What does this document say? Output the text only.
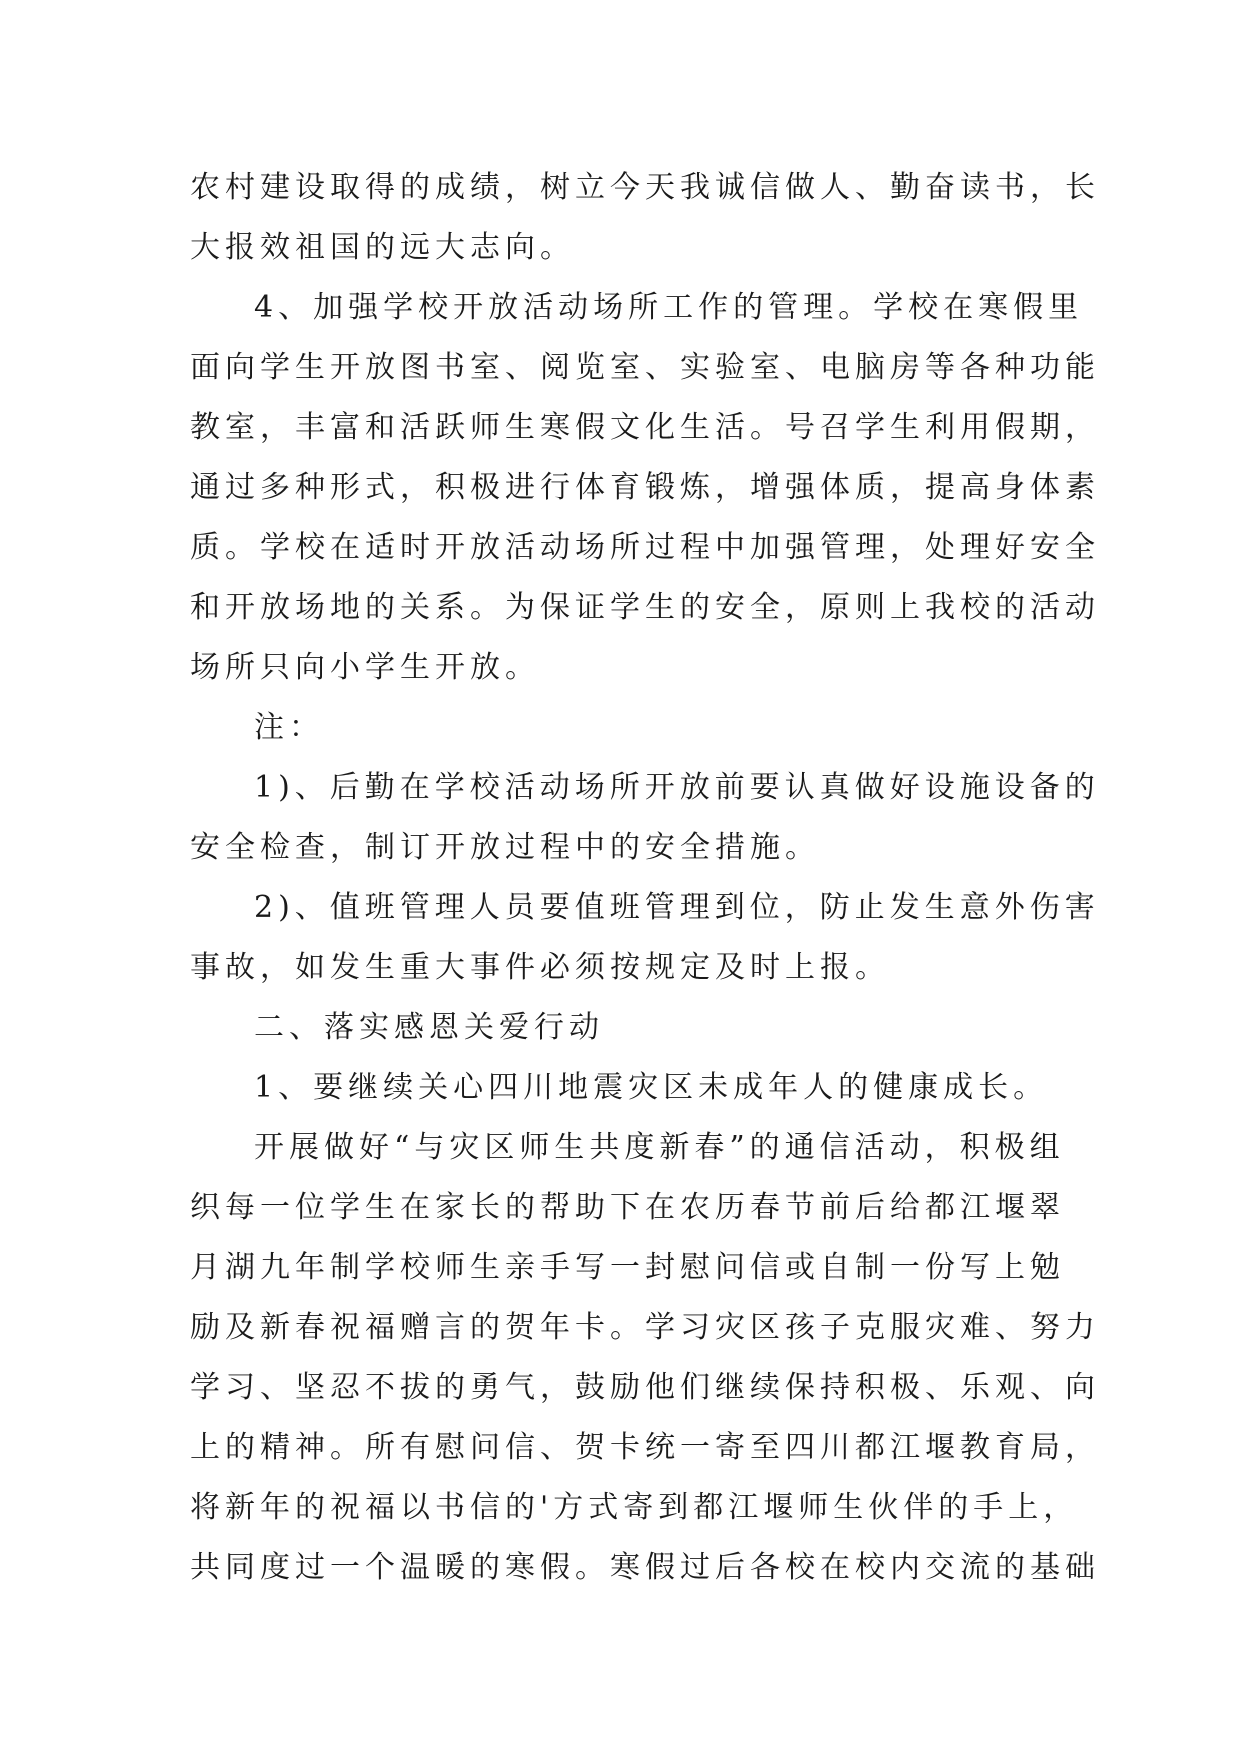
农村建设取得的成绩，树立今天我诚信做人、勤奋读书，长
大报效祖国的远大志向。
4、加强学校开放活动场所工作的管理。学校在寒假里
面向学生开放图书室、阅览室、实验室、电脑房等各种功能
教室，丰富和活跃师生寒假文化生活。号召学生利用假期，
通过多种形式，积极进行体育锻炼，增强体质，提高身体素
质。学校在适时开放活动场所过程中加强管理，处理好安全
和开放场地的关系。为保证学生的安全，原则上我校的活动
场所只向小学生开放。
注：
1)、后勤在学校活动场所开放前要认真做好设施设备的
安全检查，制订开放过程中的安全措施。
2)、值班管理人员要值班管理到位，防止发生意外伤害
事故，如发生重大事件必须按规定及时上报。
二、落实感恩关爱行动
1、要继续关心四川地震灾区未成年人的健康成长。
开展做好“与灾区师生共度新春”的通信活动，积极组
织每一位学生在家长的帮助下在农历春节前后给都江堰翠
月湖九年制学校师生亲手写一封慰问信或自制一份写上勉
励及新春祝福赠言的贺年卡。学习灾区孩子克服灾难、努力
学习、坚忍不拔的勇气，鼓励他们继续保持积极、乐观、向
上的精神。所有慰问信、贺卡统一寄至四川都江堰教育局，
将新年的祝福以书信的'方式寄到都江堰师生伙伴的手上，
共同度过一个温暖的寒假。寒假过后各校在校内交流的基础
